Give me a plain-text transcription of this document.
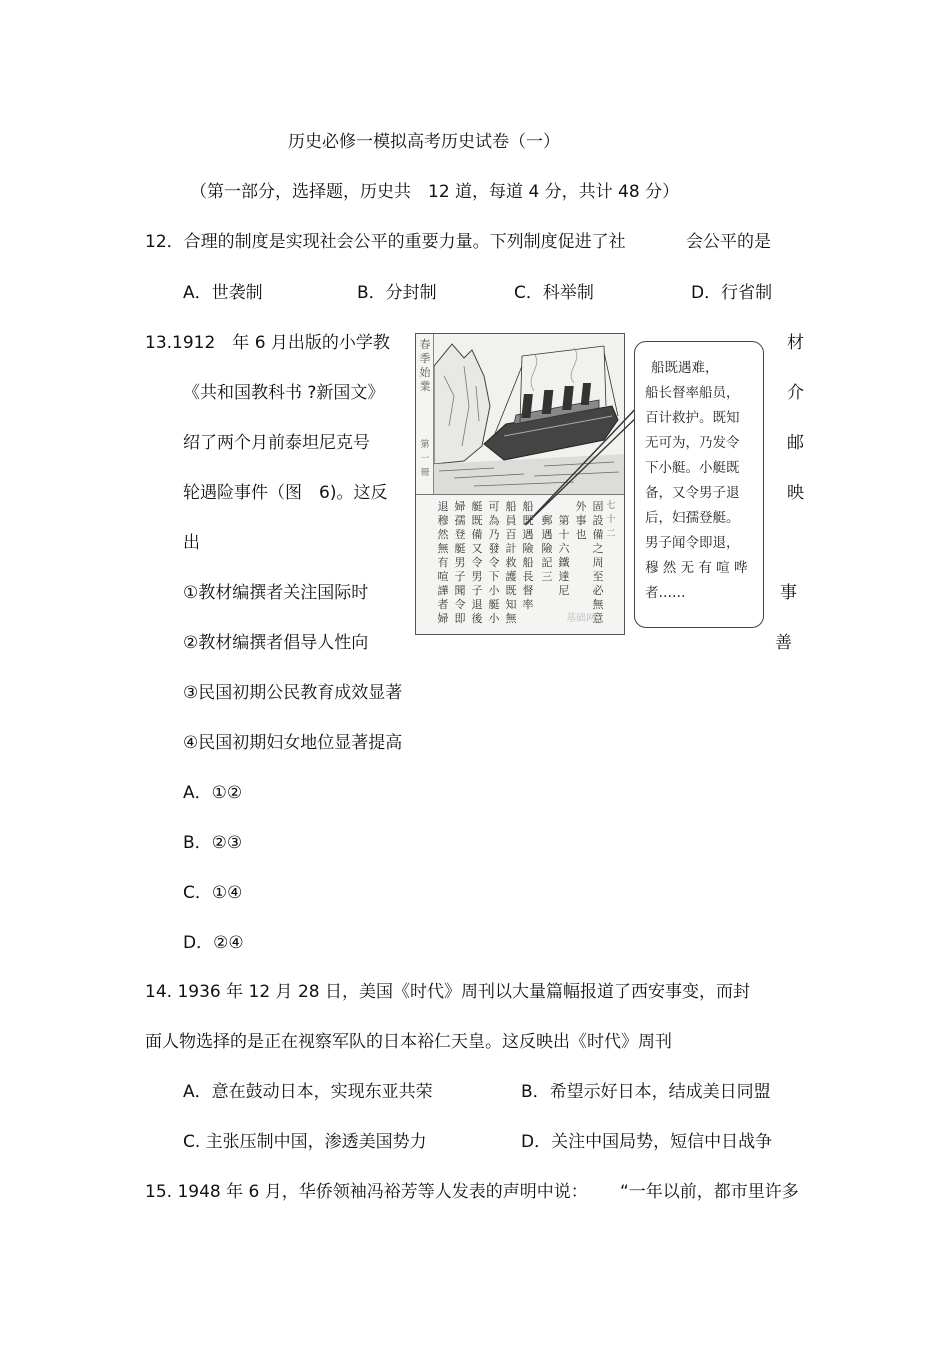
历史必修一模拟高考历史试卷（一）
（第一部分，选择题，历史共　12 道，每道 4 分，共计 48 分）
12．合理的制度是实现社会公平的重要力量。下列制度促进了社	会公平的是
A．世袭制	B．分封制	C．科举制	D．行省制
13.1912　年 6 月出版的小学教
《共和国教科书 ?新国文》
绍了两个月前泰坦尼克号
轮遇险事件（图　6)。这反
出
①教材编撰者关注国际时
②教材编撰者倡导人性向
③民国初期公民教育成效显著
④民国初期妇女地位显著提高
材
介
邮
映
事
善
春季始業
第一冊
七十二
固設備之周至必無意
外事也
第十六　鐵達尼
郵遇險記三
船既遇險船長督率
船員百計救護既知無
可為乃發令下小艇小
艇既備又令男子退後
婦孺登艇男子聞令即
退穆然無有喧譁者婦	基础网
船既遇难，
船长督率船员，
百计救护。既知
无可为，乃发令
下小艇。小艇既
备，又令男子退
后，妇孺登艇。
男子闻令即退，
穆 然 无 有 喧 哗
者……
A．①②
B．②③
C．①④
D．②④
14. 1936 年 12 月 28 日，美国《时代》周刊以大量篇幅报道了西安事变，而封
面人物选择的是正在视察军队的日本裕仁天皇。这反映出《时代》周刊
A．意在鼓动日本，实现东亚共荣	B．希望示好日本，结成美日同盟
C. 主张压制中国，渗透美国势力	D．关注中国局势，短信中日战争
15. 1948 年 6 月，华侨领袖冯裕芳等人发表的声明中说： “一年以前，都市里许多
